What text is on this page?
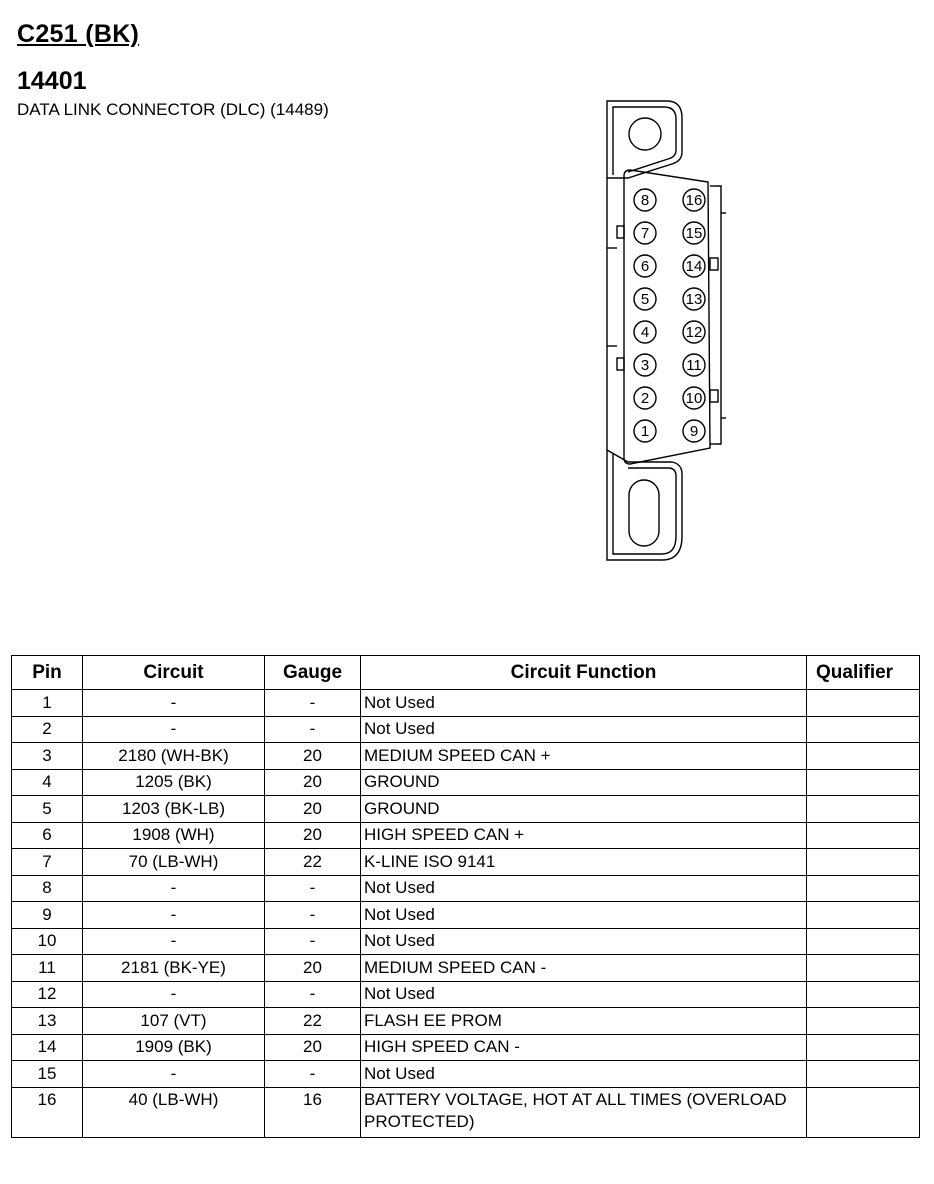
C251 (BK)
14401
DATA LINK CONNECTOR (DLC) (14489)
8
7
6
5
4
3
2
1
16
15
14
13
12
11
10
9
Pin	Circuit	Gauge	Circuit Function	Qualifier
1	-	-	Not Used	
2	-	-	Not Used	
3	2180 (WH-BK)	20	MEDIUM SPEED CAN +	
4	1205 (BK)	20	GROUND	
5	1203 (BK-LB)	20	GROUND	
6	1908 (WH)	20	HIGH SPEED CAN +	
7	70 (LB-WH)	22	K-LINE ISO 9141	
8	-	-	Not Used	
9	-	-	Not Used	
10	-	-	Not Used	
11	2181 (BK-YE)	20	MEDIUM SPEED CAN -	
12	-	-	Not Used	
13	107 (VT)	22	FLASH EE PROM	
14	1909 (BK)	20	HIGH SPEED CAN -	
15	-	-	Not Used	
16	40 (LB-WH)	16	BATTERY VOLTAGE, HOT AT ALL TIMES (OVERLOAD PROTECTED)	
